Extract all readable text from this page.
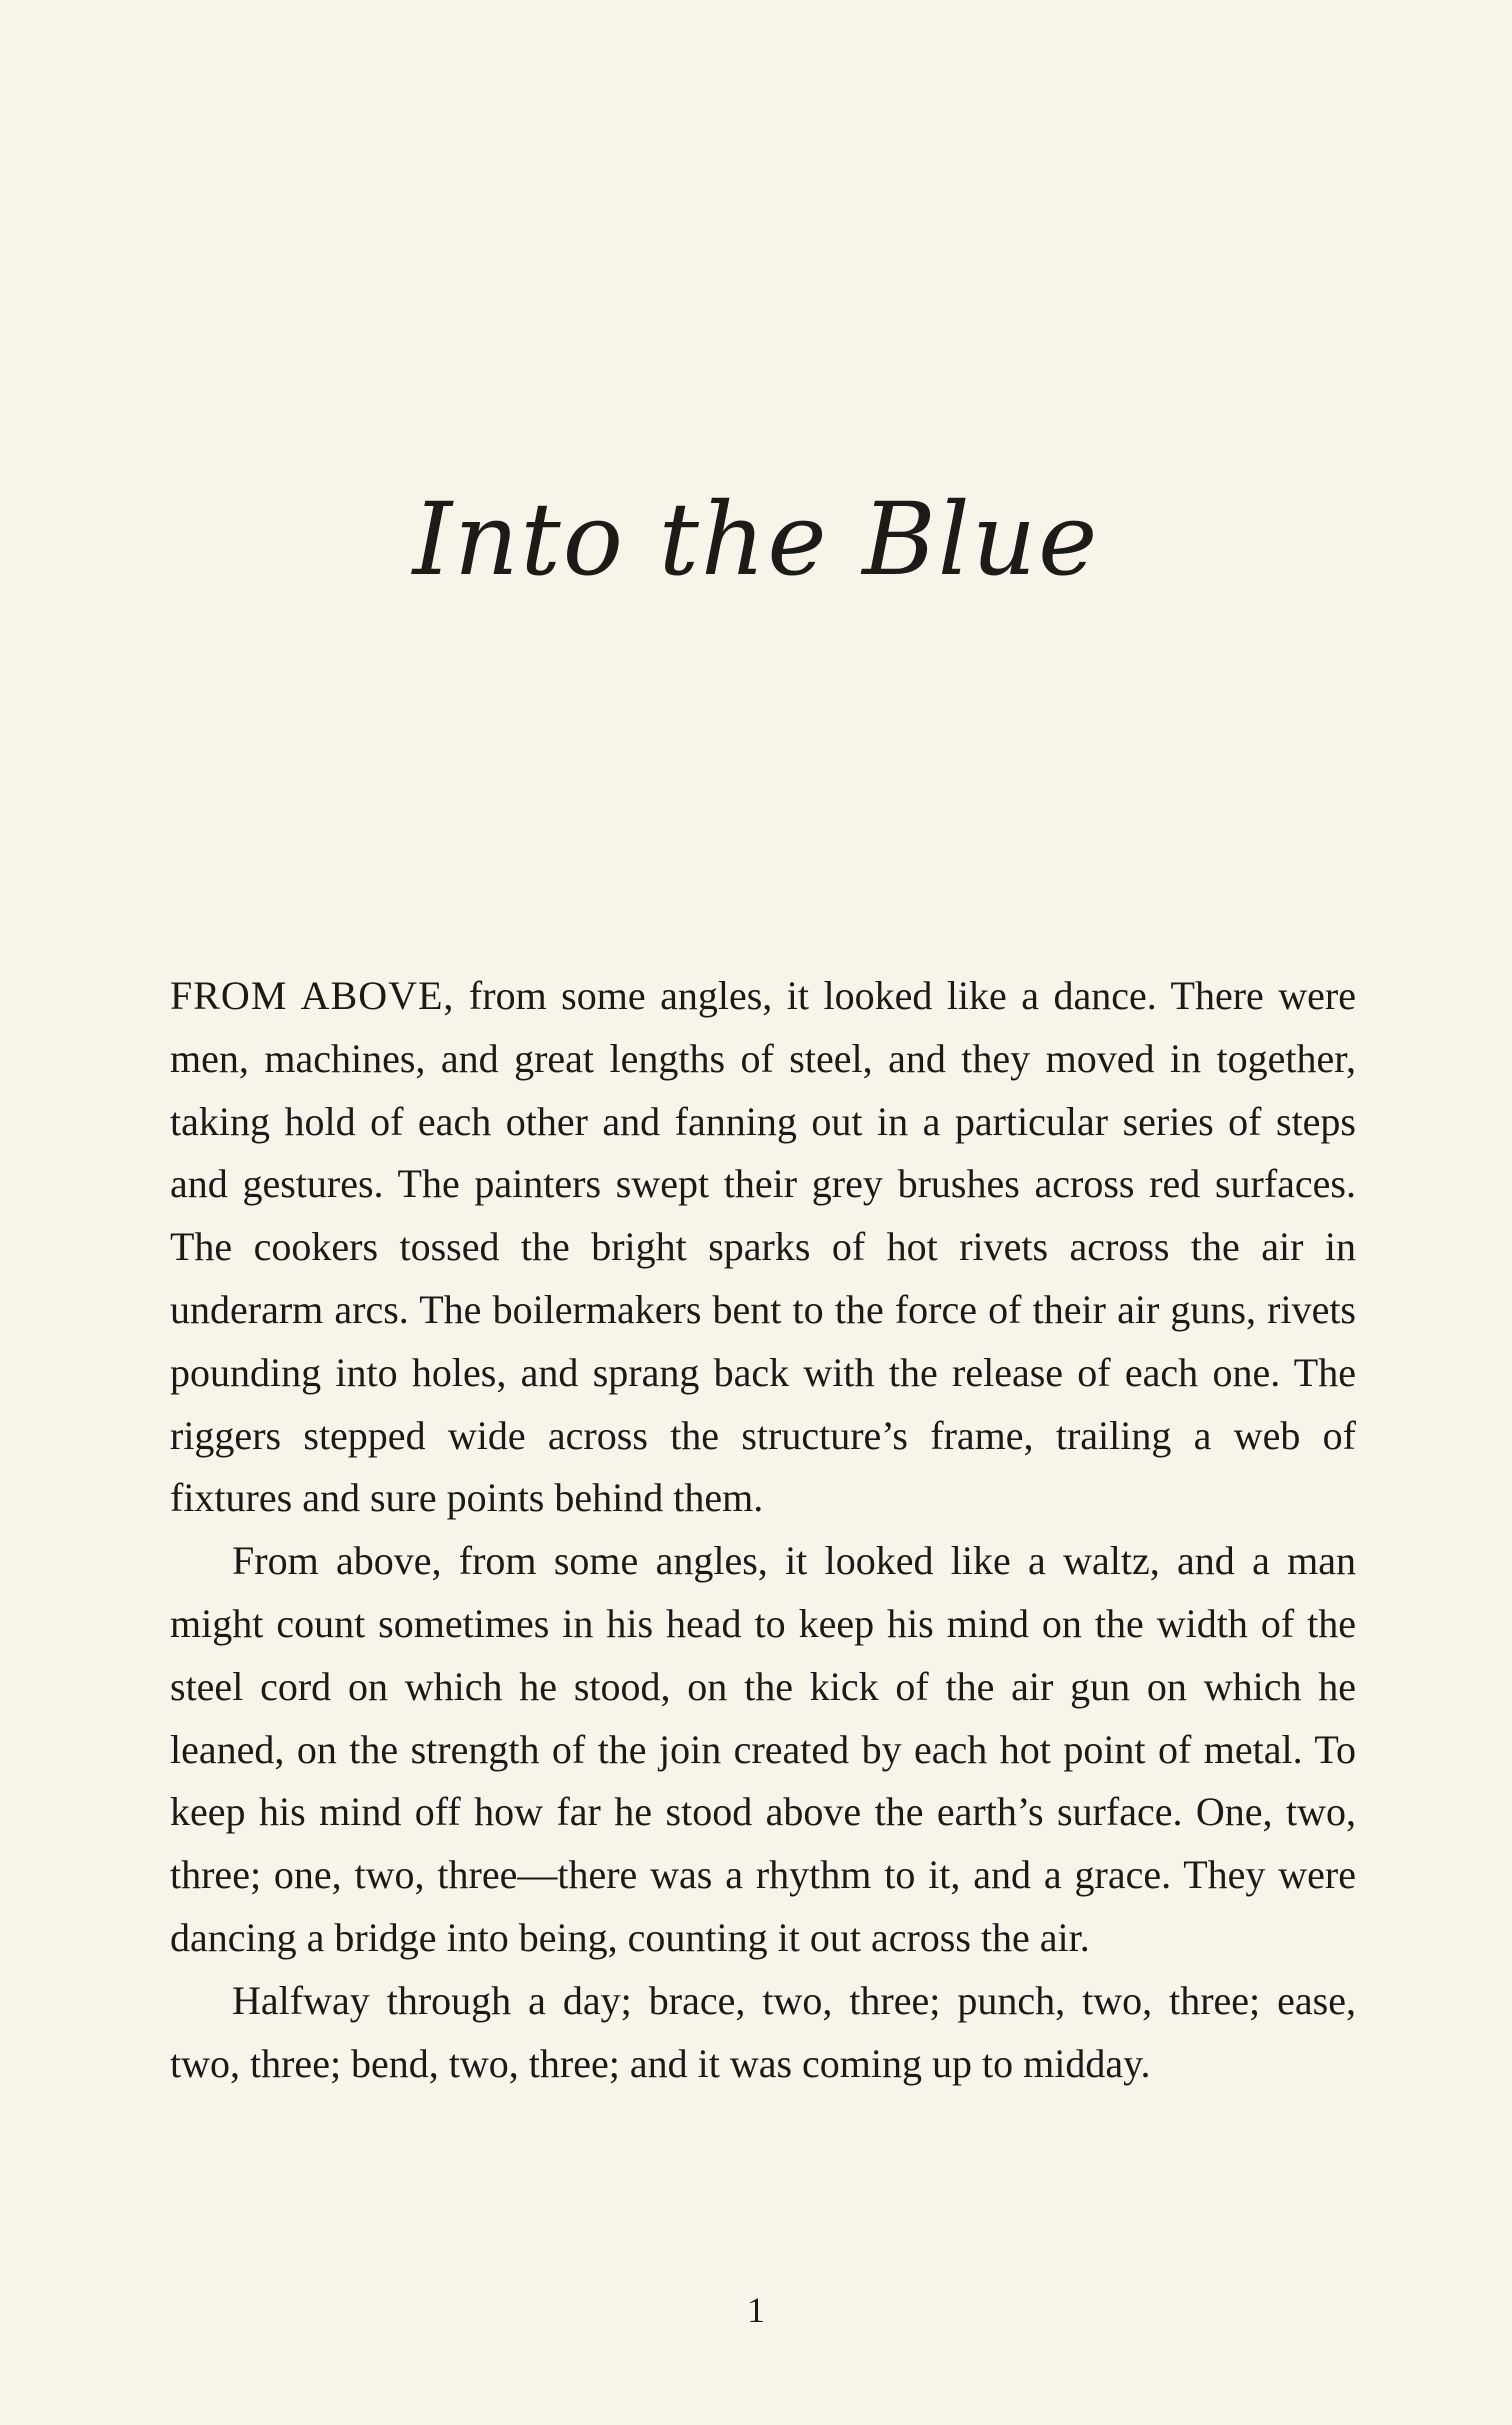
Into the Blue

FROM ABOVE, from some angles, it looked like a dance. There were men, machines, and great lengths of steel, and they moved in together, taking hold of each other and fanning out in a particular series of steps and gestures. The painters swept their grey brushes across red surfaces. The cookers tossed the bright sparks of hot rivets across the air in underarm arcs. The boilermakers bent to the force of their air guns, rivets pounding into holes, and sprang back with the release of each one. The riggers stepped wide across the structure’s frame, trailing a web of fixtures and sure points behind them.

From above, from some angles, it looked like a waltz, and a man might count sometimes in his head to keep his mind on the width of the steel cord on which he stood, on the kick of the air gun on which he leaned, on the strength of the join created by each hot point of metal. To keep his mind off how far he stood above the earth’s surface. One, two, three; one, two, three—there was a rhythm to it, and a grace. They were dancing a bridge into being, counting it out across the air.

Halfway through a day; brace, two, three; punch, two, three; ease, two, three; bend, two, three; and it was coming up to midday.

1
